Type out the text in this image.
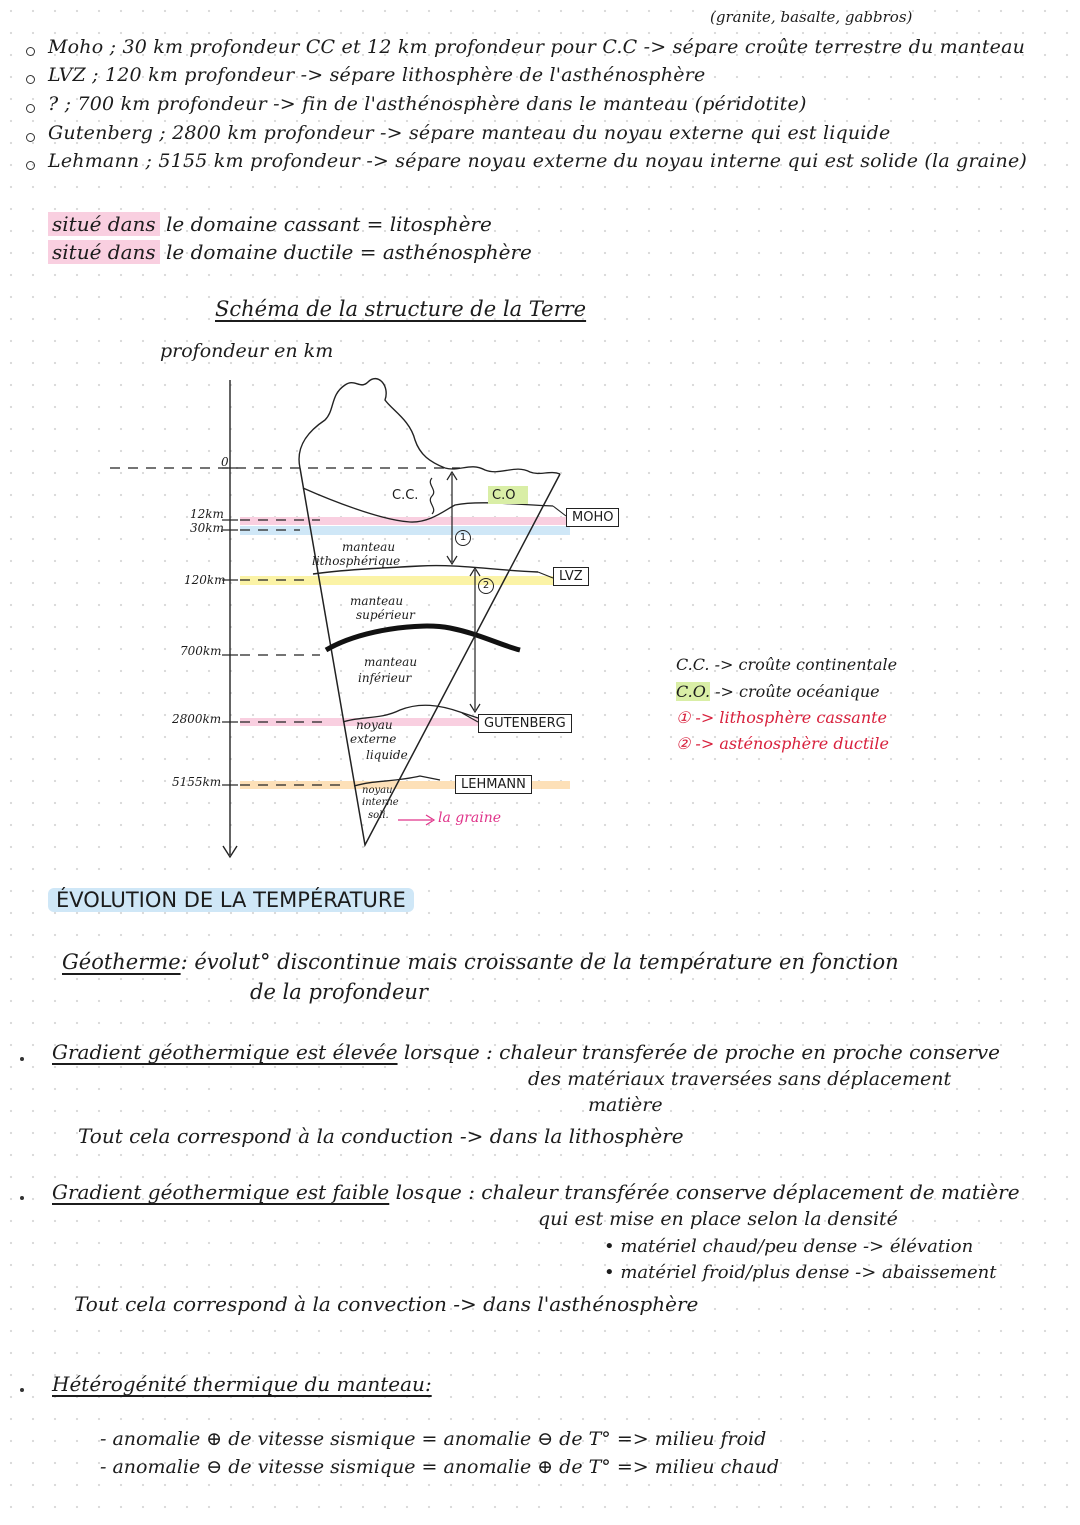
(granite, basalte, gabbros)
Moho ; 30 km profondeur CC et 12 km profondeur pour C.C -> sépare croûte terrestre du manteau
LVZ ; 120 km profondeur -> sépare lithosphère de l'asthénosphère
? ; 700 km profondeur -> fin de l'asthénosphère dans le manteau (péridotite)
Gutenberg ; 2800 km profondeur -> sépare manteau du noyau externe qui est liquide
Lehmann ; 5155 km profondeur -> sépare noyau externe du noyau interne qui est solide (la graine)
situé dans le domaine cassant = litosphère
situé dans le domaine ductile = asthénosphère
Schéma de la structure de la Terre
profondeur en km
0
12km
30km
120km
700km
2800km
5155km
C.C.	C.O
manteau
lithosphérique
manteau
supérieur
manteau
inférieur
noyau
externe
liquide
noyau
interne
soli.	la graine
1
2
MOHO
LVZ
GUTENBERG
LEHMANN
C.C. -> croûte continentale
C.O. -> croûte océanique
① -> lithosphère cassante
② -> asténosphère ductile
ÉVOLUTION DE LA TEMPÉRATURE
Géotherme: évolut° discontinue mais croissante de la température en fonction
de la profondeur
Gradient géothermique est élevée lorsque : chaleur transferée de proche en proche conserve
des matériaux traversées sans déplacement
matière
Tout cela correspond à la conduction -> dans la lithosphère
Gradient géothermique est faible losque : chaleur transférée conserve déplacement de matière
qui est mise en place selon la densité
• matériel chaud/peu dense -> élévation
• matériel froid/plus dense -> abaissement
Tout cela correspond à la convection -> dans l'asthénosphère
Hétérogénité thermique du manteau:
- anomalie ⊕ de vitesse sismique = anomalie ⊖ de T° => milieu froid
- anomalie ⊖ de vitesse sismique = anomalie ⊕ de T° => milieu chaud
